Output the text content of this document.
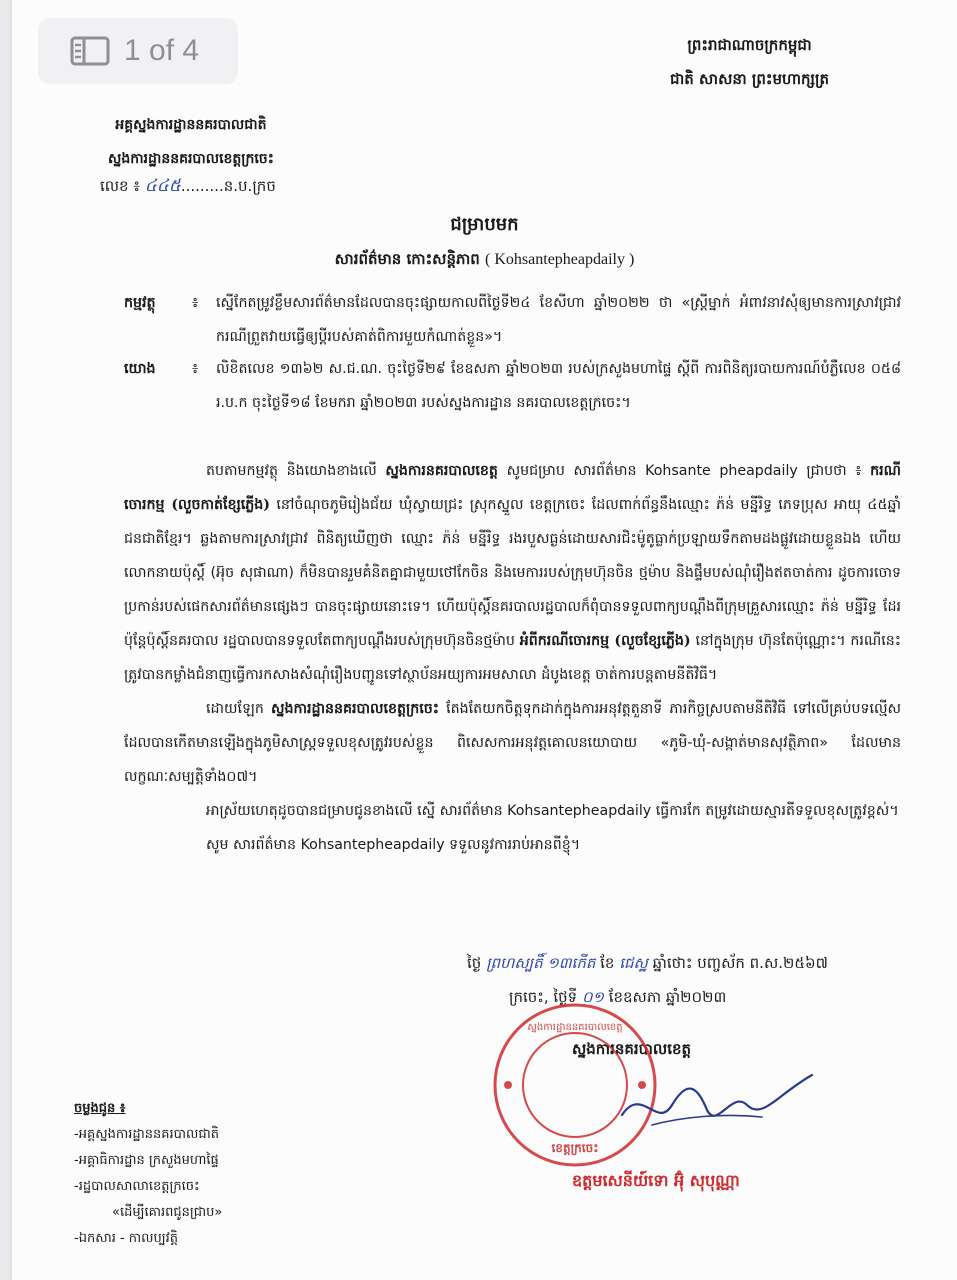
ព្រះរាជាណាចក្រកម្ពុជា
ជាតិ សាសនា ព្រះមហាក្សត្រ
អគ្គស្នងការដ្ឋាននគរបាលជាតិ
ស្នងការដ្ឋាននគរបាលខេត្តក្រចេះ
លេខ ៖ ៤៤៥.........ន.ប.ក្រច
ជម្រាបមក
សារព័ត៌មាន កោះសន្តិភាព ( Kohsantepheapdaily )
កម្មវត្ថុ	៖ ស្នើកែតម្រូវខ្លឹមសារព័ត៌មានដែលបានចុះផ្សាយកាលពីថ្ងៃទី២៤ ខែសីហា ឆ្នាំ២០២២ ថា «ស្ត្រីម្នាក់ អំពាវនាវសុំឲ្យមានការស្រាវជ្រាវករណីព្រួតវាយធ្វើឲ្យប្តីរបស់គាត់ពិការមួយកំណាត់ខ្លួន»។
យោង	៖ លិខិតលេខ ១៣៦២ ស.ជ.ណ. ចុះថ្ងៃទី២៩ ខែឧសភា ឆ្នាំ២០២៣ របស់ក្រសួងមហាផ្ទៃ ស្តីពី ការពិនិត្យរបាយការណ៍បំភ្លឺលេខ ០៥៨ រ.ប.ក ចុះថ្ងៃទី១៨ ខែមករា ឆ្នាំ២០២៣ របស់ស្នងការដ្ឋាន នគរបាលខេត្តក្រចេះ។

តបតាមកម្មវត្ថុ និងយោងខាងលើ ស្នងការនគរបាលខេត្ត សូមជម្រាប សារព័ត៌មាន Kohsante pheapdaily ជ្រាបថា ៖ ករណីចោរកម្ម (លួចកាត់ខ្សែភ្លើង) នៅចំណុចភូមិរៀងជ័យ ឃុំស្វាយជ្រះ ស្រុកស្នួល ខេត្តក្រចេះ ដែលពាក់ព័ន្ធនឹងឈ្មោះ ភ៉ន់ មន្នីរិទ្ធ ភេទប្រុស អាយុ ៤៥ឆ្នាំ ជនជាតិខ្មែរ។ ឆ្លងតាមការស្រាវជ្រាវ ពិនិត្យឃើញថា ឈ្មោះ ភ៉ន់ មន្នីរិទ្ធ រងរបួសធ្ងន់ដោយសារជិះម៉ូតូធ្លាក់ប្រឡាយទឹកតាមដងផ្លូវដោយខ្លួនឯង ហើយលោកនាយប៉ុស្តិ៍ (អ៊ុច សុផាណា) ក៏មិនបានរួមគំនិតគ្នាជាមួយថៅកែចិន និងមេការរបស់ក្រុមហ៊ុនចិន ថ្មម៉ាប និងផ្ទឹមបស់ណុំរឿងឥតចាត់ការ ដូចការចោទប្រកាន់របស់ផេកសារព័ត៌មានផ្សេងៗ បានចុះផ្សាយនោះទេ។ ហើយប៉ុស្តិ៍នគរបាលរដ្ឋបាលក៏ពុំបានទទួលពាក្យបណ្តឹងពីក្រុមគ្រួសារឈ្មោះ ភ៉ន់ មន្នីរិទ្ធ ដែរ ប៉ុន្តែប៉ុស្តិ៍នគរបាល រដ្ឋបាលបានទទួលតែពាក្យបណ្តឹងរបស់ក្រុមហ៊ុនចិនថ្មម៉ាប អំពីករណីចោរកម្ម (លួចខ្សែភ្លើង) នៅក្នុងក្រុម ហ៊ុនតែប៉ុណ្ណោះ។ ករណីនេះត្រូវបានកម្លាំងជំនាញធ្វើការកសាងសំណុំរឿងបញ្ជូនទៅស្ថាប័នអយ្យការអមសាលា ដំបូងខេត្ត ចាត់ការបន្តតាមនីតិវិធី។

ដោយឡែក ស្នងការដ្ឋាននគរបាលខេត្តក្រចេះ តែងតែយកចិត្តទុកដាក់ក្នុងការអនុវត្តតួនាទី ភារកិច្ចស្របតាមនីតិវិធី ទៅលើគ្រប់បទល្មើសដែលបានកើតមានឡើងក្នុងភូមិសាស្ត្រទទួលខុសត្រូវរបស់ខ្លួន ពិសេសការអនុវត្តគោលនយោបាយ «ភូមិ-ឃុំ-សង្កាត់មានសុវត្ថិភាព» ដែលមានលក្ខណៈសម្បត្តិទាំង០៧។

អាស្រ័យហេតុដូចបានជម្រាបជូនខាងលើ ស្នើ សារព័ត៌មាន Kohsantepheapdaily ធ្វើការកែ តម្រូវដោយស្មារតីទទួលខុសត្រូវខ្ពស់។

សូម សារព័ត៌មាន Kohsantepheapdaily ទទួលនូវការរាប់អានពីខ្ញុំ។

ថ្ងៃ ព្រហស្បតិ៍ ១៣កើត ខែ ជេស្ឋ ឆ្នាំថោះ បញ្ចស័ក ព.ស.២៥៦៧
ក្រចេះ, ថ្ងៃទី ០១ ខែឧសភា ឆ្នាំ២០២៣
ស្នងការនគរបាលខេត្ត
ស្នងការដ្ឋាននគរបាលខេត្ត
ខេត្តក្រចេះ
ឧត្តមសេនីយ៍ទោ អ៊ុំ សុបុណ្ណា
ចម្លងជូន ៖
-អគ្គស្នងការដ្ឋាននគរបាលជាតិ
-អគ្គាធិការដ្ឋាន ក្រសួងមហាផ្ទៃ
-រដ្ឋបាលសាលាខេត្តក្រចេះ
«ដើម្បីគោរពជូនជ្រាប»
-ឯកសារ - កាលប្បវត្តិ
1 of 4
